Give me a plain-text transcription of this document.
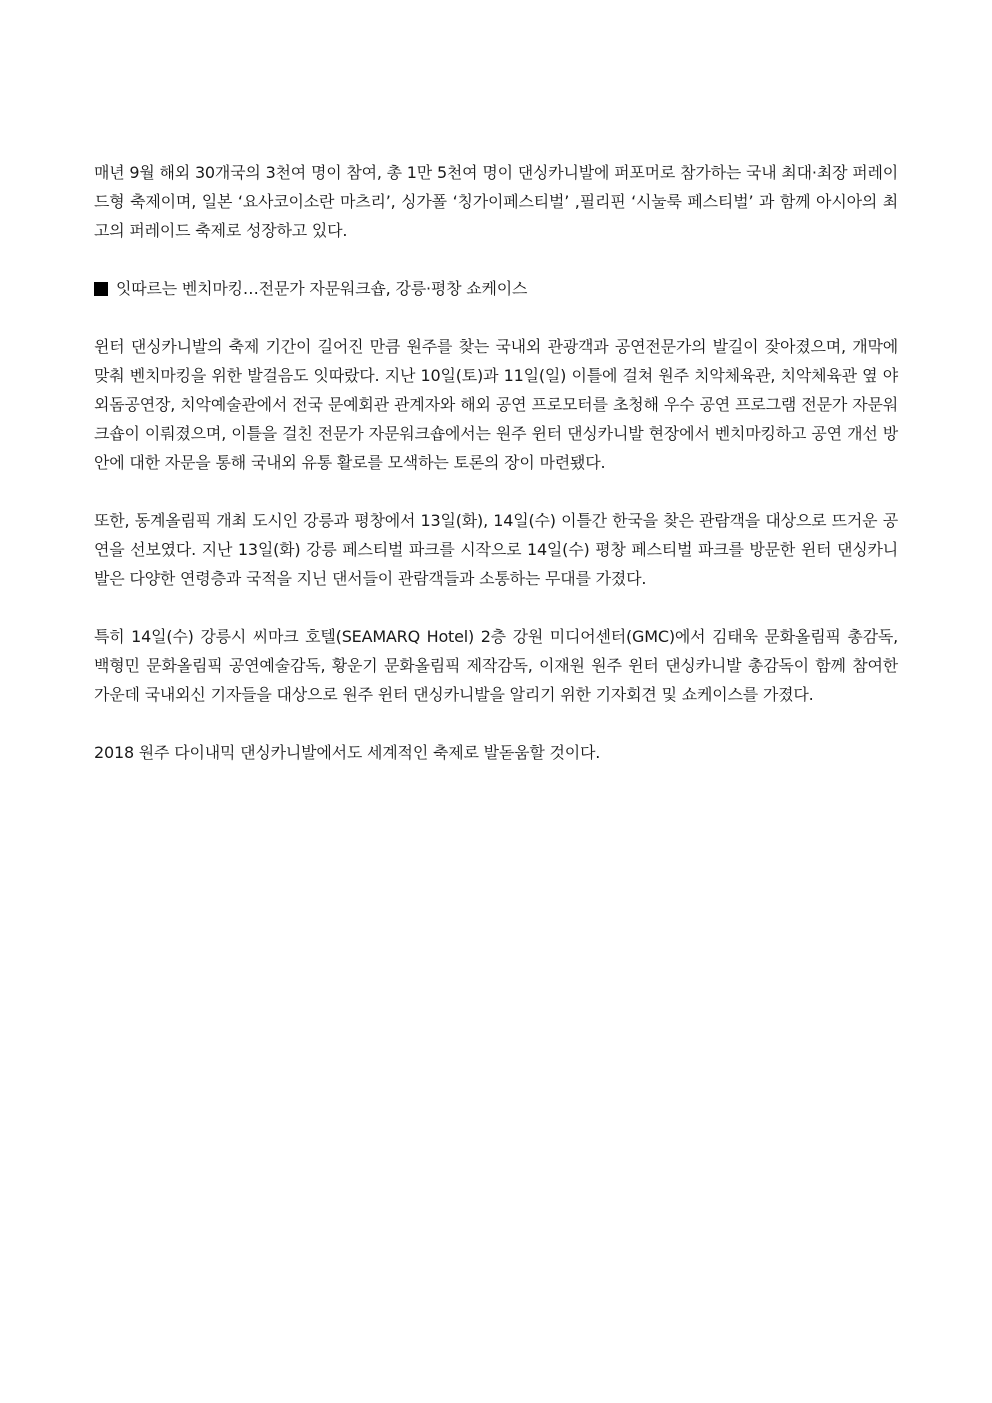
매년 9월 해외 30개국의 3천여 명이 참여, 총 1만 5천여 명이 댄싱카니발에 퍼포머로 참가하는 국내 최대·최장 퍼레이드형 축제이며, 일본 ‘요사코이소란 마츠리’, 싱가폴 ‘칭가이페스티벌’ ,필리핀 ‘시눌룩 페스티벌’ 과 함께 아시아의 최고의 퍼레이드 축제로 성장하고 있다.

잇따르는 벤치마킹…전문가 자문워크숍, 강릉·평창 쇼케이스

윈터 댄싱카니발의 축제 기간이 길어진 만큼 원주를 찾는 국내외 관광객과 공연전문가의 발길이 잦아졌으며, 개막에 맞춰 벤치마킹을 위한 발걸음도 잇따랐다. 지난 10일(토)과 11일(일) 이틀에 걸쳐 원주 치악체육관, 치악체육관 옆 야외돔공연장, 치악예술관에서 전국 문예회관 관계자와 해외 공연 프로모터를 초청해 우수 공연 프로그램 전문가 자문워크숍이 이뤄졌으며, 이틀을 걸친 전문가 자문워크숍에서는 원주 윈터 댄싱카니발 현장에서 벤치마킹하고 공연 개선 방안에 대한 자문을 통해 국내외 유통 활로를 모색하는 토론의 장이 마련됐다.

또한, 동계올림픽 개최 도시인 강릉과 평창에서 13일(화), 14일(수) 이틀간 한국을 찾은 관람객을 대상으로 뜨거운 공연을 선보였다. 지난 13일(화) 강릉 페스티벌 파크를 시작으로 14일(수) 평창 페스티벌 파크를 방문한 윈터 댄싱카니발은 다양한 연령층과 국적을 지닌 댄서들이 관람객들과 소통하는 무대를 가졌다.

특히 14일(수) 강릉시 씨마크 호텔(SEAMARQ Hotel) 2층 강원 미디어센터(GMC)에서 김태욱 문화올림픽 총감독, 백형민 문화올림픽 공연예술감독, 황운기 문화올림픽 제작감독, 이재원 원주 윈터 댄싱카니발 총감독이 함께 참여한 가운데 국내외신 기자들을 대상으로 원주 윈터 댄싱카니발을 알리기 위한 기자회견 및 쇼케이스를 가졌다.

2018 원주 다이내믹 댄싱카니발에서도 세계적인 축제로 발돋움할 것이다.
